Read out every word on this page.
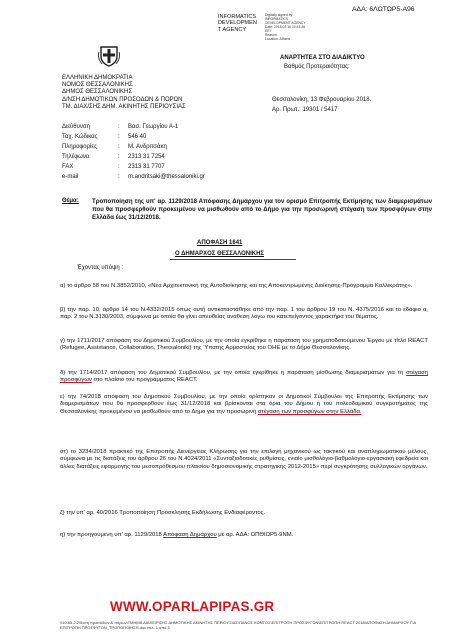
ΑΔΑ: 6ΛΩΤΩΡ5-Α96
INFORMATICS
DEVELOPMEN
T AGENCY
Digitally signed by
INFORMATICS
DEVELOPMENT AGENCY
Date: 2018.02.16 10:43:26
EET
Reason:
Location: Athens
ΑΝΑΡΤΗΤΕΑ ΣΤΟ ΔΙΑΔΙΚΤΥΟ
Βαθμός Προτεραιότητας:
ΕΛΛΗΝΙΚΗ ΔΗΜΟΚΡΑΤΙΑ
ΝΟΜΟΣ ΘΕΣΣΑΛΟΝΙΚΗΣ
ΔΗΜΟΣ ΘΕΣΣΑΛΟΝΙΚΗΣ
Δ/ΝΣΗ ΔΗΜΟΤΙΚΩΝ ΠΡΟΣΟΔΩΝ & ΠΟΡΩΝ
ΤΜ. ΔΙΑΧ/ΣΗΣ ΔΗΜ. ΑΚΙΝΗΤΗΣ ΠΕΡΙΟΥΣΙΑΣ
Θεσσαλονίκη, 13 Φεβρουαρίου 2018.
Αρ. Πρωτ.: 19301 / 5417
Διεύθυνση	: Βασ. Γεωργίου Α-1
Ταχ. Κώδικας	: 546 40
Πληροφορίες	: Μ. Ανδριτσάκη
Τηλέφωνο	: 2313 31 7254
FAX	: 2313 31 7707
e-mail	: m.andritsaki@thessaloniki.gr
Θέμα: Τροποποίηση της υπ' αρ. 1129/2018 Απόφασης Δημάρχου για τον ορισμό Επιτροπής Εκτίμησης των διαμερισμάτων που θα προσφερθούν προκειμένου να μισθωθούν από το Δήμο για την προσωρινή στέγαση των προσφύγων στην Ελλάδα έως 31/12/2018.
ΑΠΟΦΑΣΗ 1641
Ο ΔΗΜΑΡΧΟΣ ΘΕΣΣΑΛΟΝΙΚΗΣ
Έχοντας υπόψη :
α) το άρθρο 58 του Ν.3852/2010, «Νέα Αρχιτεκτονική της Αυτοδιοίκησης και της Αποκεντρωμένης Διοίκησης-Πρόγραμμα Καλλικράτης».
β) την παρ. 10, άρθρο 14 του Ν.4332/2015 όπως αυτή αντικαταστάθηκε από την παρ. 1 του άρθρου 19 του Ν. 4375/2016 και το εδάφιο α, παρ. 2 του Ν.3130/2003, σύμφωνα με οποία θα γίνει απευθείας ανάθεση λόγω του κατεπείγοντος χαρακτήρα του θέματος.
γ) την 1711/2017 απόφαση του Δημοτικού Συμβουλίου, με την οποία εγκρίθηκε η παράταση του χρηματοδοτούμενου Έργου με τίτλο REACT (Refugee, Assistance, Collaboration, Thessaloniki) της Ύπατης Αρμοστείας του ΟΗΕ με το Δήμο Θεσσαλονίκης.
δ) την 1714/2017 απόφαση του Δημοτικού Συμβουλίου, με την οποία εγκρίθηκε η παράταση μίσθωσης διαμερισμάτων για τη στέγαση προσφύγων στο πλαίσιο του προγράμματος REACT.
ε) την 74/2018 απόφαση του Δημοτικού Συμβουλίου, με την οποία ορίστηκαν οι Δημοτικοί Σύμβουλοι της Επιτροπής Εκτίμησης των διαμερισμάτων που θα προσφερθούν έως 31/12/2018 και βρίσκονται στα όρια του Δήμου ή του πολεοδομικού συγκροτήματος της Θεσσαλονίκης προκειμένου να μισθωθούν από το Δήμο για την προσωρινή στέγαση των προσφύγων στην Ελλάδα.
στ) το 3234/2018 πρακτικό της Επιτροπής Διενέργειας Κλήρωσης για την επιλογή μηχανικού ως τακτικού και αναπληρωματικού μέλους, σύμφωνα με τις διατάξεις του άρθρου 26 του Ν.4024/2011 «Συνταξιοδοτικές ρυθμίσεις, ενιαίο μισθολόγιο-βαθμολόγιο-εργασιακή εφεδρεία και άλλες διατάξεις εφαρμογής του μεσοπρόθεσμου πλαισίου δημοσιονομικής στρατηγικής 2012-2015» περί συγκρότησης συλλογικών οργάνων.
ζ) την υπ' αρ. 40/2016 Τροποποίηση Πρόσκλησης Εκδήλωσης Ενδιαφέροντος.
η) την προηγούμενη υπ' αρ. 1129/2018 Απόφαση Δημάρχου με αρ. ΑΔΑ: ΩΠΘΙΩΡ5-9ΝΜ.
WWW.OPARLAPIPAS.GR
\\10.65.2.2\δνση προσόδων & πόρων\ΤΜΗΜΑ ΔΙΑΧΕΙΡΙΣΗΣ ΔΗΜΟΤΙΚΗΣ ΑΚΙΝΗΤΗΣ ΠΕΡΙΟΥΣΙΑΣ\ΠΑΝΟΣ ΚΟΝΤΟΣ\ΕΠΙΤΡΟΠΗ ΠΡΟΣΦΥΓΩΝ\ΕΠΙΤΡΟΠΗ REACT 2018\ΑΠΟΦΑΣΗ ΔΗΜΑΡΧΟΥ ΓΙΑ ΕΠΙΤΡΟΠΗ ΠΡΟΣΦΥΓΩΝ_ΤΡΟΠΟΠΟΙΗΣΗ.doc σελ. 1 από 3
